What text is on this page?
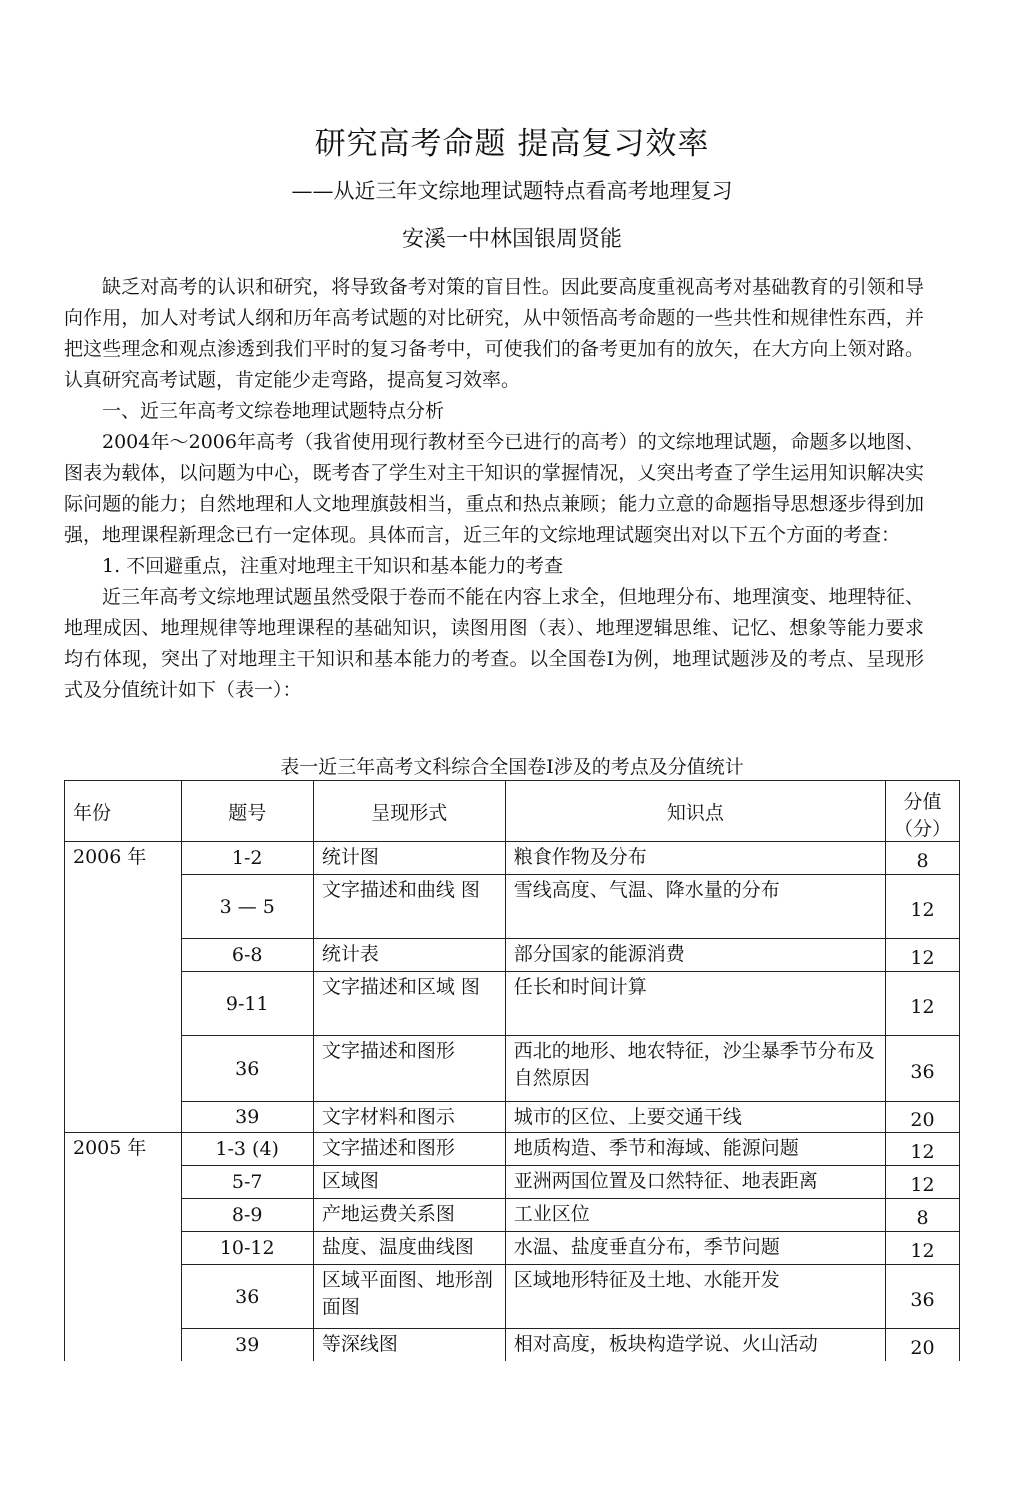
研究高考命题 提高复习效率
——从近三年文综地理试题特点看高考地理复习
安溪一中林国银周贤能

缺乏对高考的认识和研究，将导致备考对策的盲目性。因此要高度重视高考对基础教育的引领和导向作用，加人对考试人纲和历年高考试题的对比研究，从中领悟高考命题的一些共性和规律性东西，并把这些理念和观点渗透到我们平时的复习备考中，可使我们的备考更加有的放矢，在大方向上领对路。认真研究高考试题，肯定能少走弯路，提高复习效率。

一、近三年高考文综卷地理试题特点分析

2004年～2006年高考（我省使用现行教材至今已进行的高考）的文综地理试题，命题多以地图、图表为载体，以问题为中心，既考杳了学生对主干知识的掌握情况，乂突出考查了学生运用知识解决实际问题的能力；自然地理和人文地理旗鼓相当，重点和热点兼顾；能力立意的命题指导思想逐步得到加强，地理课程新理念已冇一定体现。具体而言，近三年的文综地理试题突出对以下五个方面的考查：

1. 不回避重点，注重对地理主干知识和基本能力的考查

近三年高考文综地理试题虽然受限于卷而不能在内容上求全，但地理分布、地理演变、地理特征、地理成因、地理规律等地理课程的基础知识，读图用图（表）、地理逻辑思维、记忆、想象等能力要求均冇体现，突出了对地理主干知识和基本能力的考查。以全国卷I为例，地理试题涉及的考点、呈现形式及分值统计如下（表一）：

表一近三年高考文科综合全国卷I涉及的考点及分值统计
年份	题号	呈现形式	知识点	分值（分）
2006 年	1-2	统计图	粮食作物及分布	8
	3 — 5	文字描述和曲线 图	雪线高度、气温、降水量的分布	12
	6-8	统计表	部分国家的能源消费	12
	9-11	文字描述和区域 图	任长和时间计算	12
	36	文字描述和图形	西北的地形、地农特征，沙尘暴季节分布及自然原因	36
	39	文字材料和图示	城市的区位、上要交通干线	20
2005 年	1-3 (4)	文字描述和图形	地质构造、季节和海域、能源问题	12
	5-7	区域图	亚洲两国位置及口然特征、地表距离	12
	8-9	产地运费关系图	工业区位	8
	10-12	盐度、温度曲线图	水温、盐度垂直分布，季节问题	12
	36	区域平面图、地形剖面图	区域地形特征及土地、水能开发	36
	39	等深线图	相对高度，板块构造学说、火山活动	20
